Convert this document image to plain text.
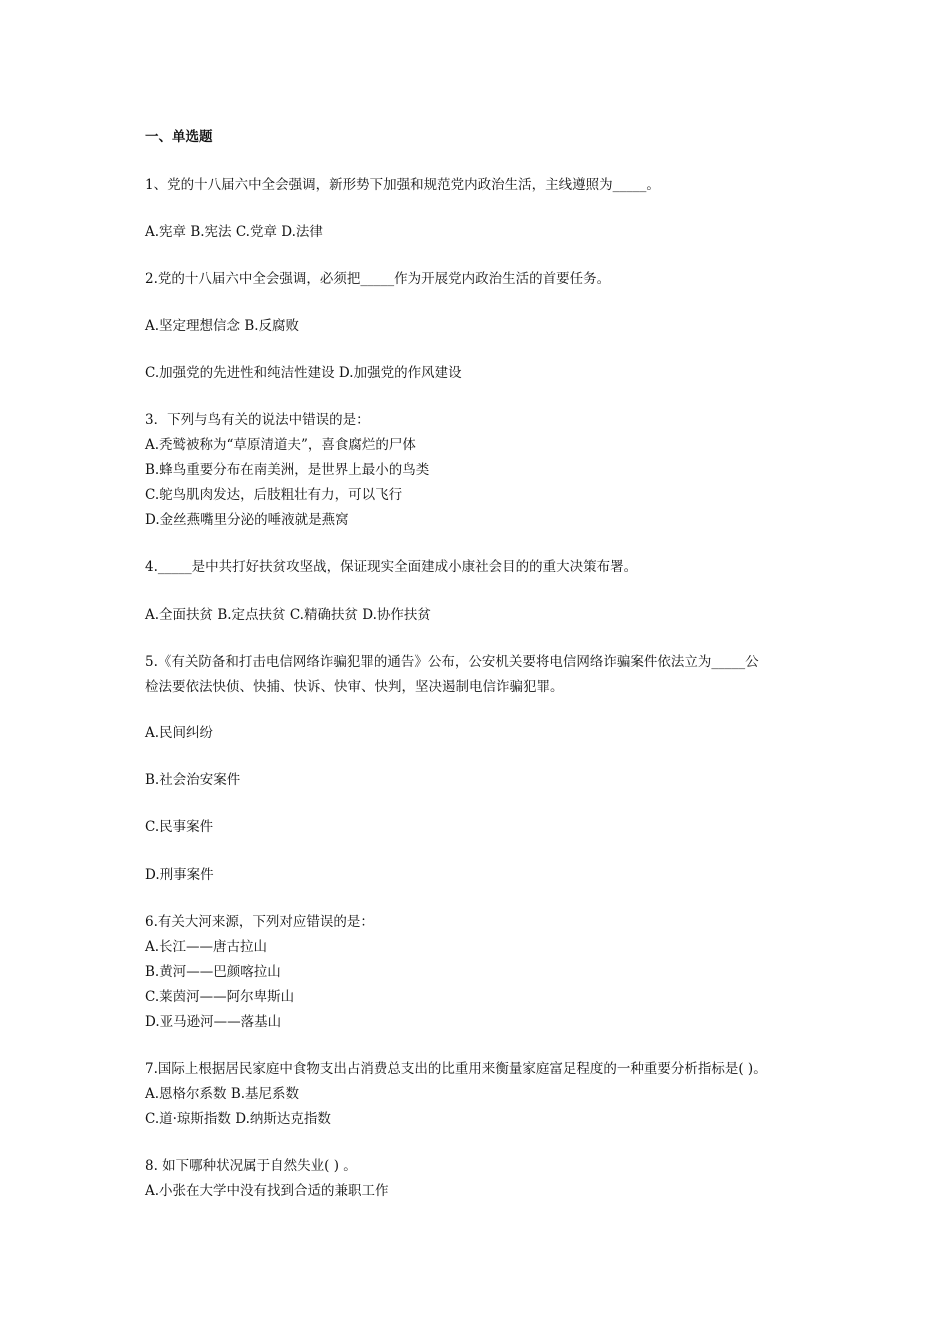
一、单选题
1、党的十八届六中全会强调，新形势下加强和规范党内政治生活，主线遵照为_____。
A.宪章 B.宪法 C.党章 D.法律
2.党的十八届六中全会强调，必须把_____作为开展党内政治生活的首要任务。
A.坚定理想信念 B.反腐败
C.加强党的先进性和纯洁性建设 D.加强党的作风建设
3．下列与鸟有关的说法中错误的是：
A.秃鹫被称为“草原清道夫”，喜食腐烂的尸体
B.蜂鸟重要分布在南美洲，是世界上最小的鸟类
C.鸵鸟肌肉发达，后肢粗壮有力，可以飞行
D.金丝燕嘴里分泌的唾液就是燕窝
4._____是中共打好扶贫攻坚战，保证现实全面建成小康社会目的的重大决策布署。
A.全面扶贫 B.定点扶贫 C.精确扶贫 D.协作扶贫
5.《有关防备和打击电信网络诈骗犯罪的通告》公布，公安机关要将电信网络诈骗案件依法立为_____公
检法要依法快侦、快捕、快诉、快审、快判，坚决遏制电信诈骗犯罪。
A.民间纠纷
B.社会治安案件
C.民事案件
D.刑事案件
6.有关大河来源，下列对应错误的是：
A.长江——唐古拉山
B.黄河——巴颜喀拉山
C.莱茵河——阿尔卑斯山
D.亚马逊河——落基山
7.国际上根据居民家庭中食物支出占消费总支出的比重用来衡量家庭富足程度的一种重要分析指标是( )。
A.恩格尔系数 B.基尼系数
C.道·琼斯指数 D.纳斯达克指数
8. 如下哪种状况属于自然失业( ) 。
A.小张在大学中没有找到合适的兼职工作
